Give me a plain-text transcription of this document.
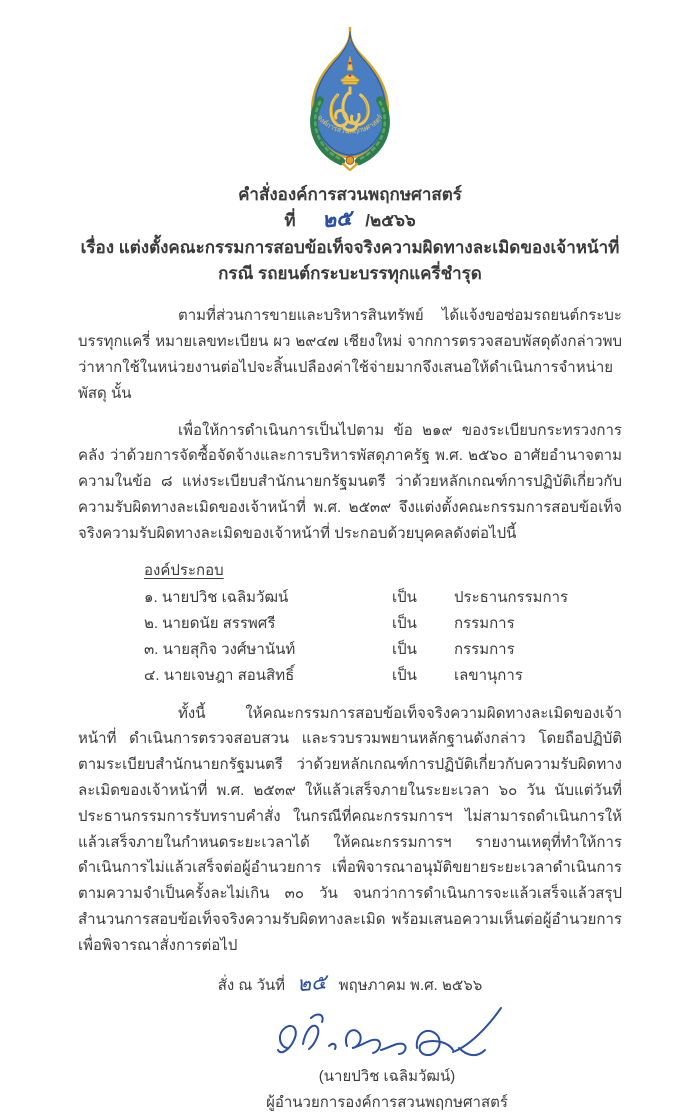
องค์การสวนพฤกษศาสตร์
คำสั่งองค์การสวนพฤกษศาสตร์
ที่ ๒๕ /๒๕๖๖
เรื่อง แต่งตั้งคณะกรรมการสอบข้อเท็จจริงความผิดทางละเมิดของเจ้าหน้าที่
กรณี รถยนต์กระบะบรรทุกแครี่ชำรุด

ตามที่ส่วนการขายและบริหารสินทรัพย์ ได้แจ้งขอซ่อมรถยนต์กระบะบรรทุกแครี่ หมายเลขทะเบียน ผว ๒๙๔๗ เชียงใหม่ จากการตรวจสอบพัสดุดังกล่าวพบว่าหากใช้ในหน่วยงานต่อไปจะสิ้นเปลืองค่าใช้จ่ายมากจึงเสนอให้ดำเนินการจำหน่ายพัสดุ นั้น

เพื่อให้การดำเนินการเป็นไปตาม ข้อ ๒๑๙ ของระเบียบกระทรวงการคลัง ว่าด้วยการจัดซื้อจัดจ้างและการบริหารพัสดุภาครัฐ พ.ศ. ๒๕๖๐ อาศัยอำนาจตามความในข้อ ๘ แห่งระเบียบสำนักนายกรัฐมนตรี ว่าด้วยหลักเกณฑ์การปฏิบัติเกี่ยวกับความรับผิดทางละเมิดของเจ้าหน้าที่ พ.ศ. ๒๕๓๙ จึงแต่งตั้งคณะกรรมการสอบข้อเท็จจริงความรับผิดทางละเมิดของเจ้าหน้าที่ ประกอบด้วยบุคคลดังต่อไปนี้

องค์ประกอบ
๑. นายปวิช เฉลิมวัฒน์	เป็น	ประธานกรรมการ
๒. นายดนัย สรรพศรี	เป็น	กรรมการ
๓. นายสุกิจ วงศ์ษานันท์	เป็น	กรรมการ
๔. นายเจษฎา สอนสิทธิ์	เป็น	เลขานุการ

ทั้งนี้ ให้คณะกรรมการสอบข้อเท็จจริงความผิดทางละเมิดของเจ้าหน้าที่ ดำเนินการตรวจสอบสวน และรวบรวมพยานหลักฐานดังกล่าว โดยถือปฏิบัติตามระเบียบสำนักนายกรัฐมนตรี ว่าด้วยหลักเกณฑ์การปฏิบัติเกี่ยวกับความรับผิดทางละเมิดของเจ้าหน้าที่ พ.ศ. ๒๕๓๙ ให้แล้วเสร็จภายในระยะเวลา ๖๐ วัน นับแต่วันที่ประธานกรรมการรับทราบคำสั่ง ในกรณีที่คณะกรรมการฯ ไม่สามารถดำเนินการให้แล้วเสร็จภายในกำหนดระยะเวลาได้ ให้คณะกรรมการฯ รายงานเหตุที่ทำให้การดำเนินการไม่แล้วเสร็จต่อผู้อำนวยการ เพื่อพิจารณาอนุมัติขยายระยะเวลาดำเนินการตามความจำเป็นครั้งละไม่เกิน ๓๐ วัน จนกว่าการดำเนินการจะแล้วเสร็จแล้วสรุปสำนวนการสอบข้อเท็จจริงความรับผิดทางละเมิด พร้อมเสนอความเห็นต่อผู้อำนวยการ เพื่อพิจารณาสั่งการต่อไป

สั่ง ณ วันที่ ๒๕ พฤษภาคม พ.ศ. ๒๕๖๖
(นายปวิช เฉลิมวัฒน์)
ผู้อำนวยการองค์การสวนพฤกษศาสตร์
